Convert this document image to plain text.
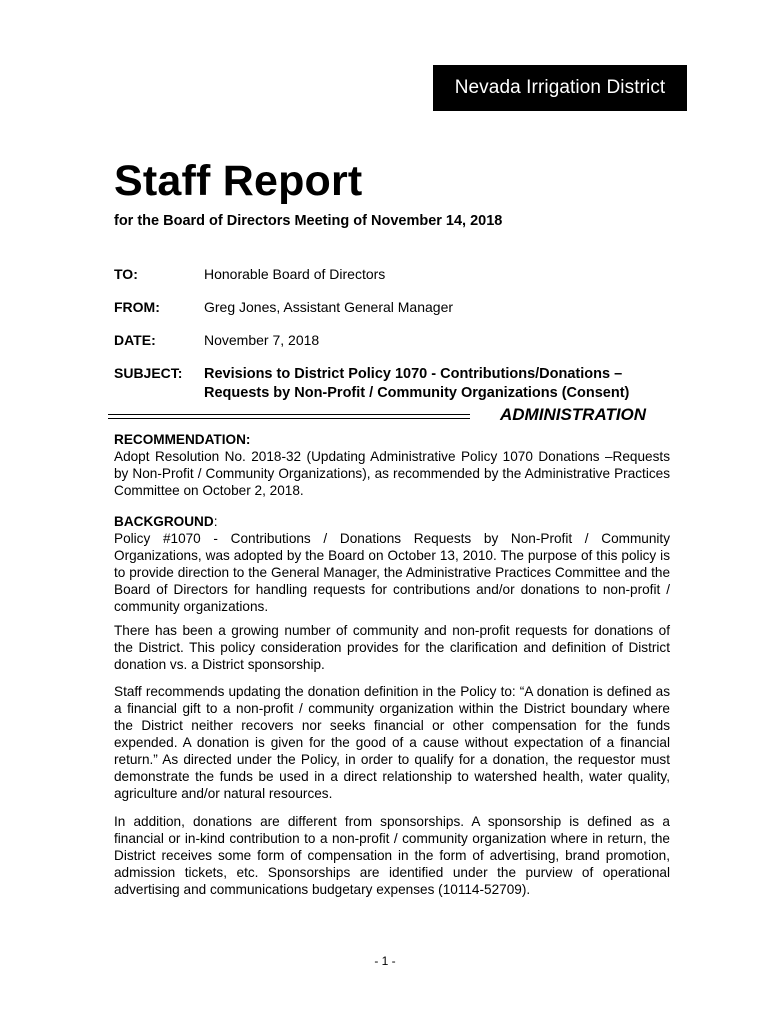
Nevada Irrigation District
Staff Report
for the Board of Directors Meeting of November 14, 2018
TO:	Honorable Board of Directors
FROM:	Greg Jones, Assistant General Manager
DATE:	November 7, 2018
SUBJECT:	Revisions to District Policy 1070 - Contributions/Donations – Requests by Non-Profit / Community Organizations (Consent)
ADMINISTRATION
RECOMMENDATION:

Adopt Resolution No. 2018-32 (Updating Administrative Policy 1070 Donations –Requests by Non-Profit / Community Organizations), as recommended by the Administrative Practices Committee on October 2, 2018.

BACKGROUND:

Policy #1070 - Contributions / Donations Requests by Non-Profit / Community Organizations, was adopted by the Board on October 13, 2010. The purpose of this policy is to provide direction to the General Manager, the Administrative Practices Committee and the Board of Directors for handling requests for contributions and/or donations to non-profit / community organizations.

There has been a growing number of community and non-profit requests for donations of the District. This policy consideration provides for the clarification and definition of District donation vs. a District sponsorship.

Staff recommends updating the donation definition in the Policy to: “A donation is defined as a financial gift to a non-profit / community organization within the District boundary where the District neither recovers nor seeks financial or other compensation for the funds expended. A donation is given for the good of a cause without expectation of a financial return.” As directed under the Policy, in order to qualify for a donation, the requestor must demonstrate the funds be used in a direct relationship to watershed health, water quality, agriculture and/or natural resources.

In addition, donations are different from sponsorships. A sponsorship is defined as a financial or in-kind contribution to a non-profit / community organization where in return, the District receives some form of compensation in the form of advertising, brand promotion, admission tickets, etc. Sponsorships are identified under the purview of operational advertising and communications budgetary expenses (10114-52709).

- 1 -
